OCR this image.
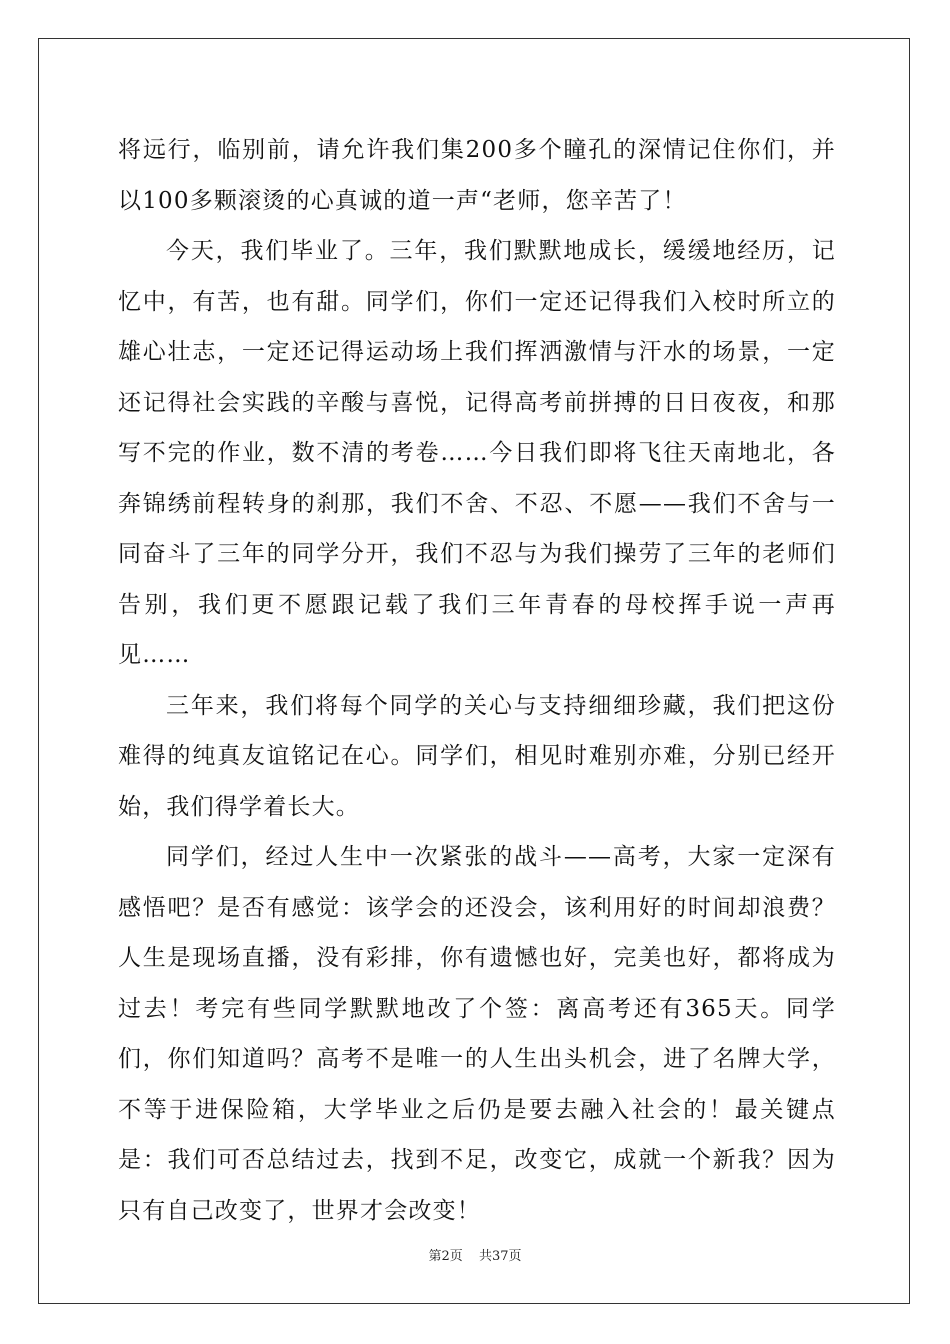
将远行，临别前，请允许我们集200多个瞳孔的深情记住你们，并以100多颗滚烫的心真诚的道一声“老师，您辛苦了！

今天，我们毕业了。三年，我们默默地成长，缓缓地经历，记忆中，有苦，也有甜。同学们，你们一定还记得我们入校时所立的雄心壮志，一定还记得运动场上我们挥洒激情与汗水的场景，一定还记得社会实践的辛酸与喜悦，记得高考前拼搏的日日夜夜，和那写不完的作业，数不清的考卷……今日我们即将飞往天南地北，各奔锦绣前程转身的刹那，我们不舍、不忍、不愿——我们不舍与一同奋斗了三年的同学分开，我们不忍与为我们操劳了三年的老师们告别，我们更不愿跟记载了我们三年青春的母校挥手说一声再见……

三年来，我们将每个同学的关心与支持细细珍藏，我们把这份难得的纯真友谊铭记在心。同学们，相见时难别亦难，分别已经开始，我们得学着长大。

同学们，经过人生中一次紧张的战斗——高考，大家一定深有感悟吧？是否有感觉：该学会的还没会，该利用好的时间却浪费？人生是现场直播，没有彩排，你有遗憾也好，完美也好，都将成为过去！考完有些同学默默地改了个签：离高考还有365天。同学们，你们知道吗？高考不是唯一的人生出头机会，进了名牌大学，不等于进保险箱，大学毕业之后仍是要去融入社会的！最关键点是：我们可否总结过去，找到不足，改变它，成就一个新我？因为只有自己改变了，世界才会改变！

第2页 共37页
